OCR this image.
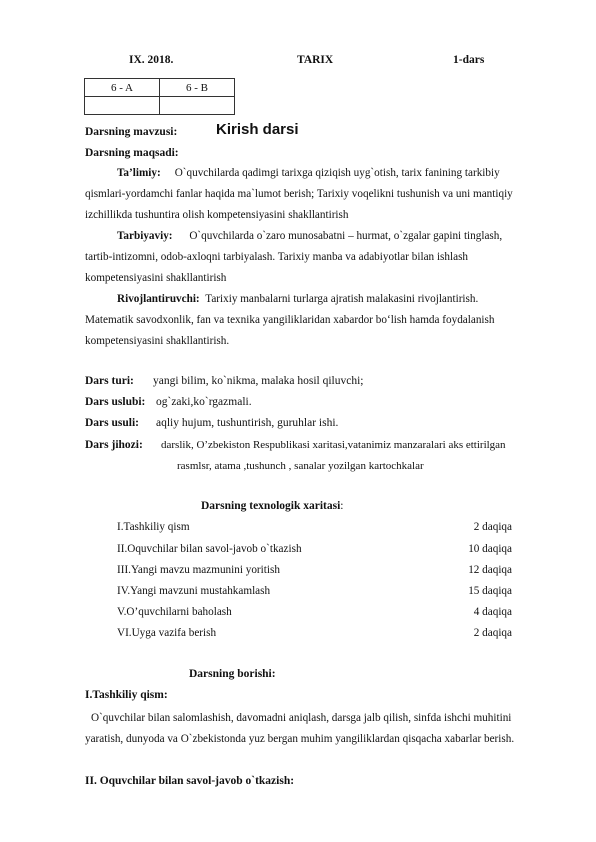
IX. 2018.	TARIX	1-dars
6 - A	6 - B

Darsning mavzusi:	Kirish darsi
Darsning maqsadi:
Ta’limiy: O`quvchilarda qadimgi tarixga qiziqish uyg`otish, tarix fanining tarkibiy
qismlari-yordamchi fanlar haqida ma`lumot berish; Tarixiy voqelikni tushunish va uni mantiqiy
izchillikda tushuntira olish kompetensiyasini shakllantirish
Tarbiyaviy: O`quvchilarda o`zaro munosabatni – hurmat, o`zgalar gapini tinglash,
tartib-intizomni, odob-axloqni tarbiyalash. Tarixiy manba va adabiyotlar bilan ishlash
kompetensiyasini shakllantirish
Rivojlantiruvchi: Tarixiy manbalarni turlarga ajratish malakasini rivojlantirish.
Matematik savodxonlik, fan va texnika yangiliklaridan xabardor bo‘lish hamda foydalanish
kompetensiyasini shakllantirish.
Dars turi: yangi bilim, ko`nikma, malaka hosil qiluvchi;
Dars uslubi: og`zaki,ko`rgazmali.
Dars usuli: aqliy hujum, tushuntirish, guruhlar ishi.
Dars jihozi: darslik, O’zbekiston Respublikasi xaritasi,vatanimiz manzaralari aks ettirilgan
rasmlsr, atama ,tushunch , sanalar yozilgan kartochkalar
Darsning texnologik xaritasi:
I.Tashkiliy qism	2 daqiqa
II.Oquvchilar bilan savol-javob o`tkazish	10 daqiqa
III.Yangi mavzu mazmunini yoritish	12 daqiqa
IV.Yangi mavzuni mustahkamlash	15 daqiqa
V.O’quvchilarni baholash	4 daqiqa
VI.Uyga vazifa berish	2 daqiqa
Darsning borishi:
I.Tashkiliy qism:
O`quvchilar bilan salomlashish, davomadni aniqlash, darsga jalb qilish, sinfda ishchi muhitini
yaratish, dunyoda va O`zbekistonda yuz bergan muhim yangiliklardan qisqacha xabarlar berish.
II. Oquvchilar bilan savol-javob o`tkazish:
